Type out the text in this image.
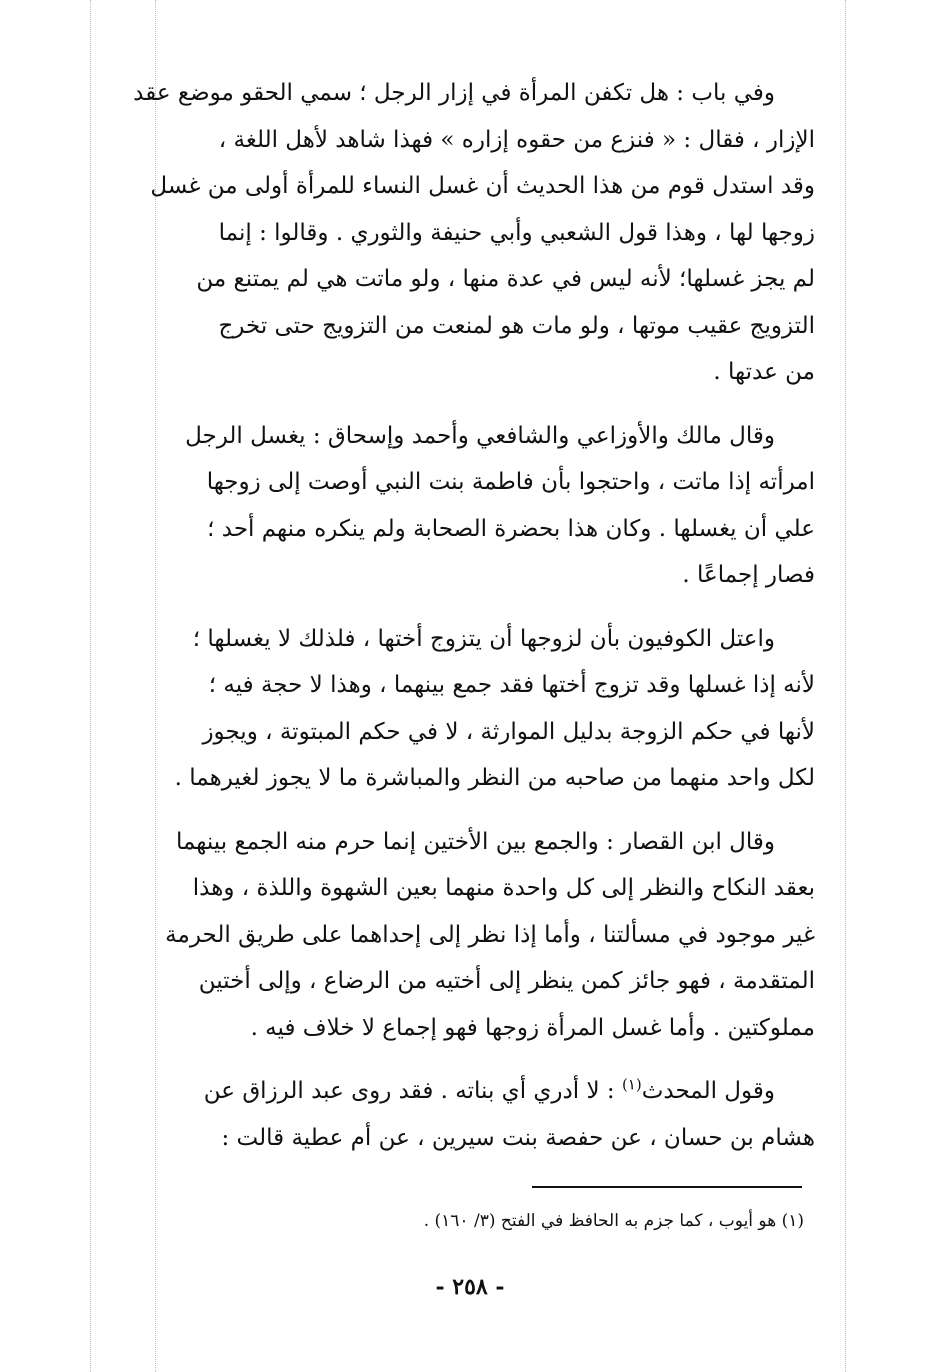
وفي باب : هل تكفن المرأة في إزار الرجل ؛ سمي الحقو موضع عقد
الإزار ، فقال : « فنزع من حقوه إزاره » فهذا شاهد لأهل اللغة ،
وقد استدل قوم من هذا الحديث أن غسل النساء للمرأة أولى من غسل
زوجها لها ، وهذا قول الشعبي وأبي حنيفة والثوري . وقالوا : إنما
لم يجز غسلها؛ لأنه ليس في عدة منها ، ولو ماتت هي لم يمتنع من
التزويج عقيب موتها ، ولو مات هو لمنعت من التزويج حتى تخرج
من عدتها .

وقال مالك والأوزاعي والشافعي وأحمد وإسحاق : يغسل الرجل
امرأته إذا ماتت ، واحتجوا بأن فاطمة بنت النبي أوصت إلى زوجها
علي أن يغسلها . وكان هذا بحضرة الصحابة ولم ينكره منهم أحد ؛
فصار إجماعًا .

واعتل الكوفيون بأن لزوجها أن يتزوج أختها ، فلذلك لا يغسلها ؛
لأنه إذا غسلها وقد تزوج أختها فقد جمع بينهما ، وهذا لا حجة فيه ؛
لأنها في حكم الزوجة بدليل الموارثة ، لا في حكم المبتوتة ، ويجوز
لكل واحد منهما من صاحبه من النظر والمباشرة ما لا يجوز لغيرهما .

وقال ابن القصار : والجمع بين الأختين إنما حرم منه الجمع بينهما
بعقد النكاح والنظر إلى كل واحدة منهما بعين الشهوة واللذة ، وهذا
غير موجود في مسألتنا ، وأما إذا نظر إلى إحداهما على طريق الحرمة
المتقدمة ، فهو جائز كمن ينظر إلى أختيه من الرضاع ، وإلى أختين
مملوكتين . وأما غسل المرأة زوجها فهو إجماع لا خلاف فيه .

وقول المحدث$^{(١)}$ : لا أدري أي بناته . فقد روى عبد الرزاق عن
هشام بن حسان ، عن حفصة بنت سيرين ، عن أم عطية قالت :

(١) هو أيوب ، كما جزم به الحافظ في الفتح (٣/ ١٦٠) .
- ٢٥٨ -
